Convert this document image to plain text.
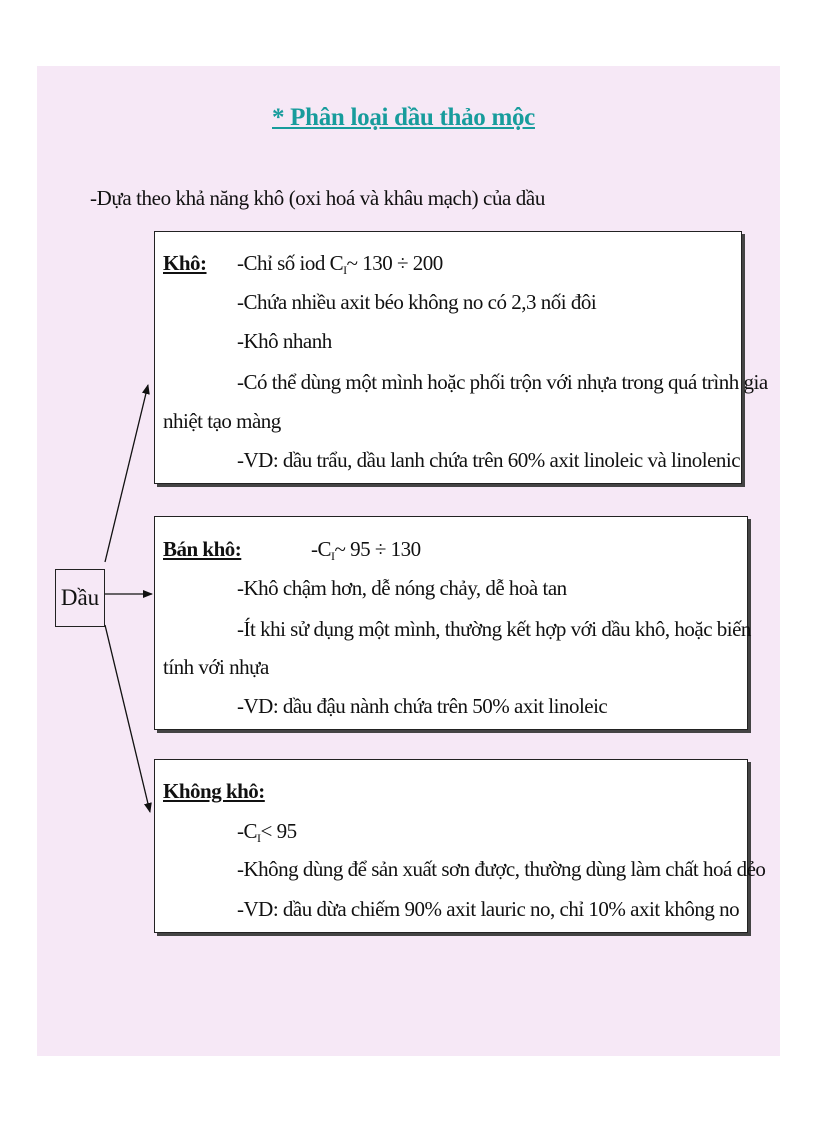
* Phân loại dầu thảo mộc
-Dựa theo khả năng khô (oxi hoá và khâu mạch) của dầu
Dầu
Khô: -Chỉ số iod $C_I\sim$ 130 ÷ 200
-Chứa nhiều axit béo không no có 2,3 nối đôi
-Khô nhanh
-Có thể dùng một mình hoặc phối trộn với nhựa trong quá trình gia
nhiệt tạo màng
-VD: dầu trẩu, dầu lanh chứa trên 60% axit linoleic và linolenic
Bán khô:	$-C_I\sim$ 95 ÷ 130
-Khô chậm hơn, dễ nóng chảy, dễ hoà tan
-Ít khi sử dụng một mình, thường kết hợp với dầu khô, hoặc biến
tính với nhựa
-VD: dầu đậu nành chứa trên 50% axit linoleic
Không khô:
$-C_I< 95$
-Không dùng để sản xuất sơn được, thường dùng làm chất hoá dẻo
-VD: dầu dừa chiếm 90% axit lauric no, chỉ 10% axit không no
